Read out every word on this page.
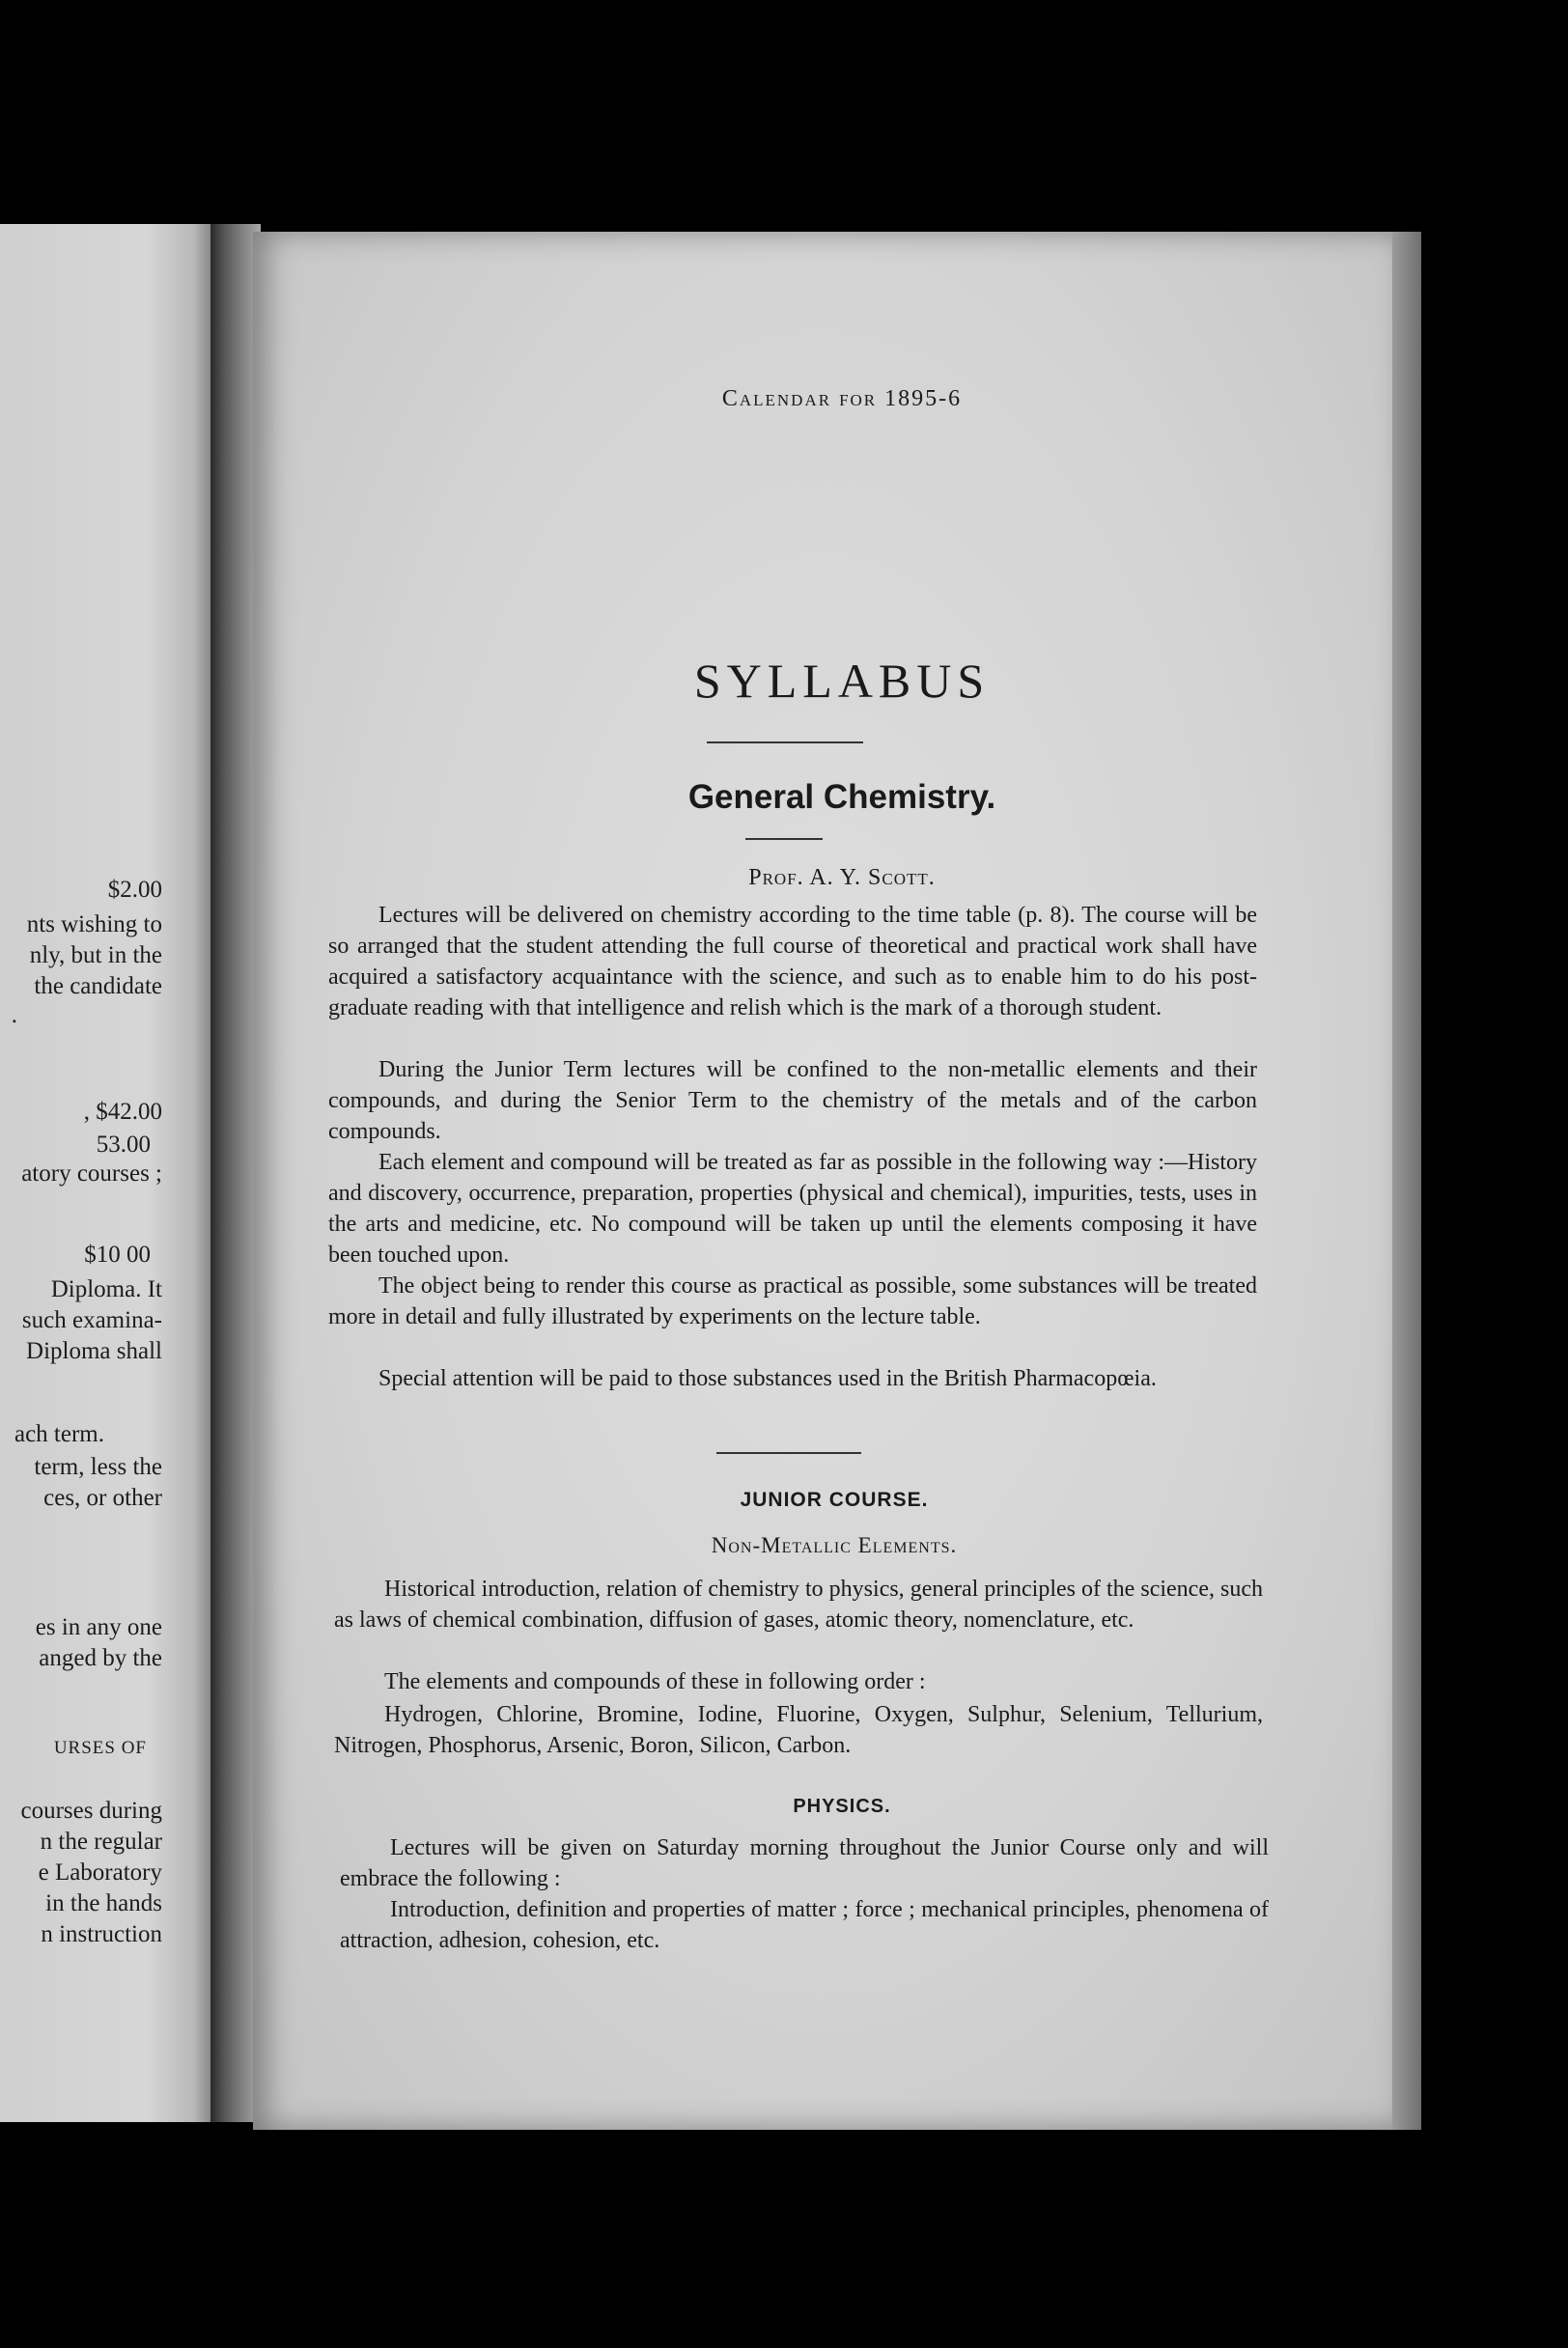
$2.00
nts wishing to
nly, but in the
the candidate
.
, $42.00
53.00
atory courses ;
$10 00
Diploma. It
such examina-
Diploma shall
ach term.
term, less the
ces, or other
es in any one
anged by the
URSES OF
courses during
n the regular
e Laboratory
in the hands
n instruction
Calendar for 1895-6
SYLLABUS
General Chemistry.
Prof. A. Y. Scott.

Lectures will be delivered on chemistry according to the time table (p. 8). The course will be so arranged that the student attending the full course of theoretical and practical work shall have acquired a satisfactory acquaintance with the science, and such as to enable him to do his post-graduate reading with that intelligence and relish which is the mark of a thorough student.

During the Junior Term lectures will be confined to the non-metallic elements and their compounds, and during the Senior Term to the chemistry of the metals and of the carbon compounds.

Each element and compound will be treated as far as possible in the following way :—History and discovery, occurrence, preparation, properties (physical and chemical), impurities, tests, uses in the arts and medicine, etc. No compound will be taken up until the elements composing it have been touched upon.

The object being to render this course as practical as possible, some substances will be treated more in detail and fully illustrated by experiments on the lecture table.

Special attention will be paid to those substances used in the British Pharmacopœia.

JUNIOR COURSE.
Non-Metallic Elements.

Historical introduction, relation of chemistry to physics, general principles of the science, such as laws of chemical combination, diffusion of gases, atomic theory, nomenclature, etc.

The elements and compounds of these in following order :

Hydrogen, Chlorine, Bromine, Iodine, Fluorine, Oxygen, Sulphur, Selenium, Tellurium, Nitrogen, Phosphorus, Arsenic, Boron, Silicon, Carbon.

PHYSICS.

Lectures will be given on Saturday morning throughout the Junior Course only and will embrace the following :

Introduction, definition and properties of matter ; force ; mechanical principles, phenomena of attraction, adhesion, cohesion, etc.
